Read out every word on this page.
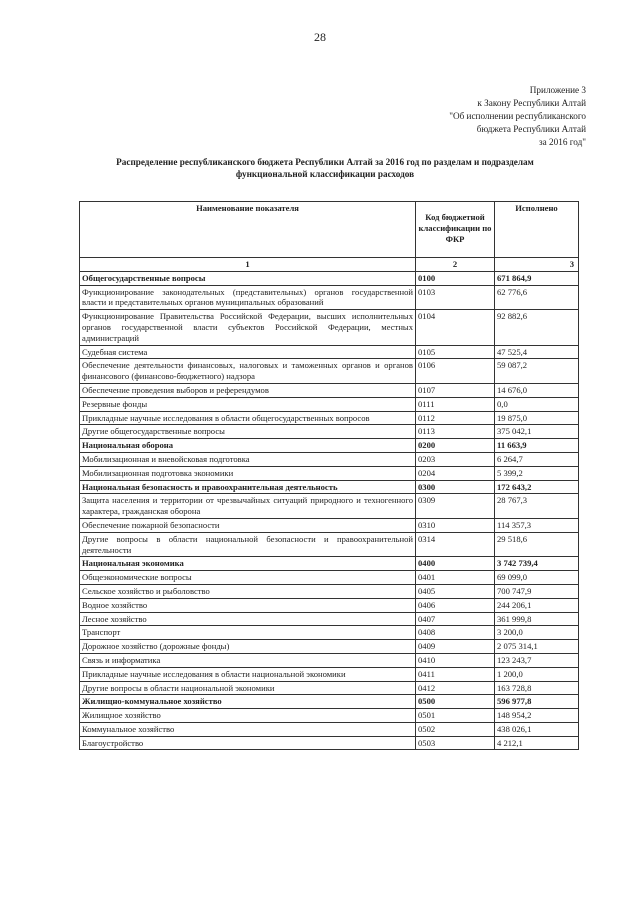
28
Приложение 3
к Закону Республики Алтай
"Об исполнении республиканского
бюджета Республики Алтай
за 2016 год"
Распределение республиканского бюджета Республики Алтай за 2016 год по разделам и подразделам
функциональной классификации расходов
Наименование показателя	Код бюджетной классификации по ФКР	Исполнено
1	2	3
Общегосударственные вопросы	0100	671 864,9
Функционирование законодательных (представительных) органов государственной власти и представительных органов муниципальных образований	0103	62 776,6
Функционирование Правительства Российской Федерации, высших исполнительных органов государственной власти субъектов Российской Федерации, местных администраций	0104	92 882,6
Судебная система	0105	47 525,4
Обеспечение деятельности финансовых, налоговых и таможенных органов и органов финансового (финансово-бюджетного) надзора	0106	59 087,2
Обеспечение проведения выборов и референдумов	0107	14 676,0
Резервные фонды	0111	0,0
Прикладные научные исследования в области общегосударственных вопросов	0112	19 875,0
Другие общегосударственные вопросы	0113	375 042,1
Национальная оборона	0200	11 663,9
Мобилизационная и вневойсковая подготовка	0203	6 264,7
Мобилизационная подготовка экономики	0204	5 399,2
Национальная безопасность и правоохранительная деятельность	0300	172 643,2
Защита населения и территории от чрезвычайных ситуаций природного и техногенного характера, гражданская оборона	0309	28 767,3
Обеспечение пожарной безопасности	0310	114 357,3
Другие вопросы в области национальной безопасности и правоохранительной деятельности	0314	29 518,6
Национальная экономика	0400	3 742 739,4
Общеэкономические вопросы	0401	69 099,0
Сельское хозяйство и рыболовство	0405	700 747,9
Водное хозяйство	0406	244 206,1
Лесное хозяйство	0407	361 999,8
Транспорт	0408	3 200,0
Дорожное хозяйство (дорожные фонды)	0409	2 075 314,1
Связь и информатика	0410	123 243,7
Прикладные научные исследования в области национальной экономики	0411	1 200,0
Другие вопросы в области национальной экономики	0412	163 728,8
Жилищно-коммунальное хозяйство	0500	596 977,8
Жилищное хозяйство	0501	148 954,2
Коммунальное хозяйство	0502	438 026,1
Благоустройство	0503	4 212,1
